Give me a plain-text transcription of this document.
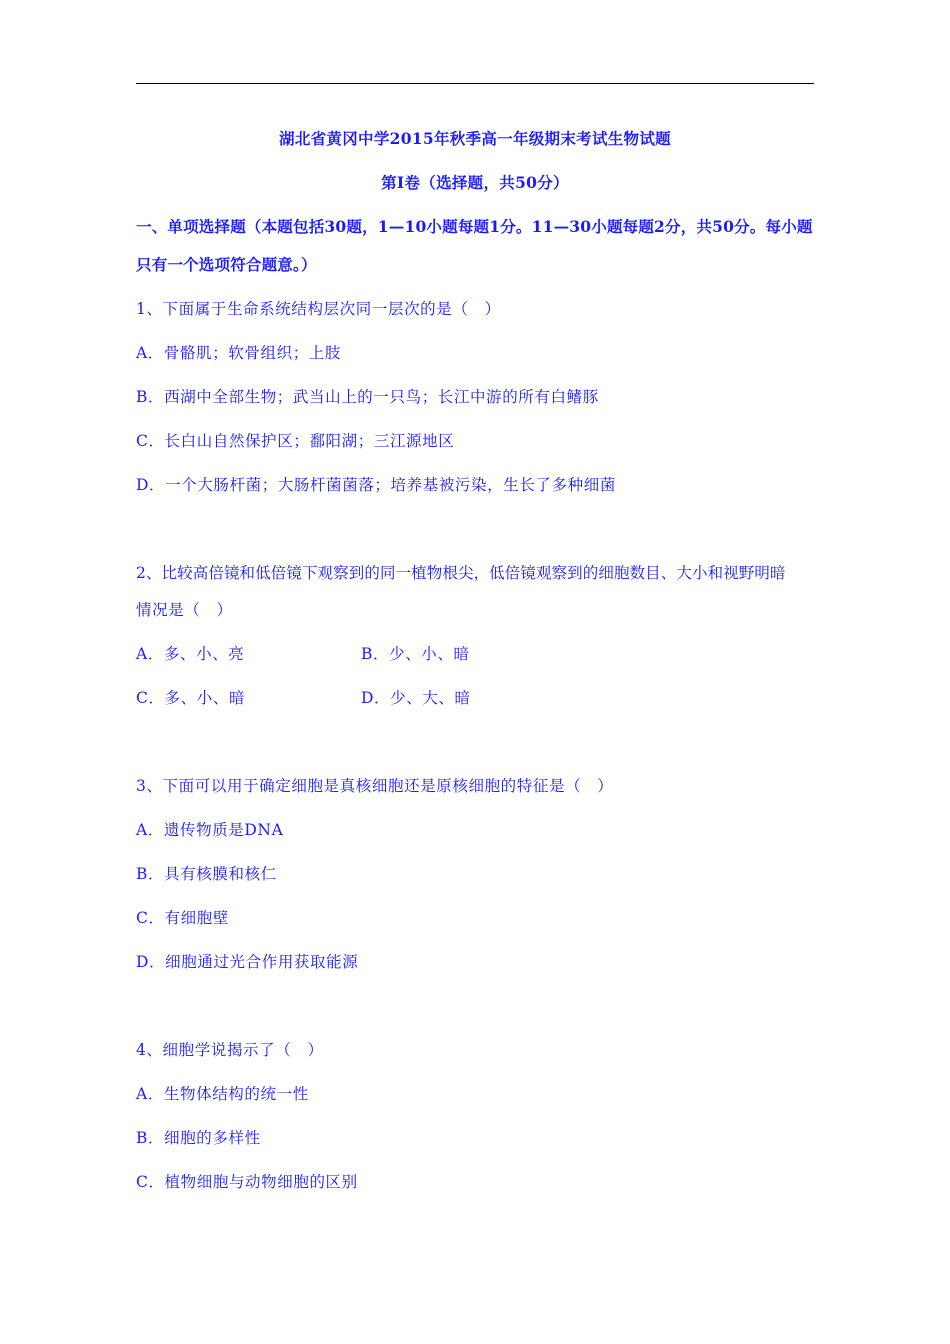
湖北省黄冈中学2015年秋季高一年级期末考试生物试题
第Ⅰ卷（选择题，共50分）
一、单项选择题（本题包括30题，1—10小题每题1分。11—30小题每题2分，共50分。每小题
只有一个选项符合题意。）
1、下面属于生命系统结构层次同一层次的是（　）
A．骨骼肌；软骨组织；上肢
B．西湖中全部生物；武当山上的一只鸟；长江中游的所有白鳍豚
C．长白山自然保护区；鄱阳湖；三江源地区
D．一个大肠杆菌；大肠杆菌菌落；培养基被污染，生长了多种细菌
2、比较高倍镜和低倍镜下观察到的同一植物根尖，低倍镜观察到的细胞数目、大小和视野明暗
情况是（　）
A．多、小、亮	B．少、小、暗
C．多、小、暗	D．少、大、暗
3、下面可以用于确定细胞是真核细胞还是原核细胞的特征是（　）
A．遗传物质是DNA
B．具有核膜和核仁
C．有细胞壁
D．细胞通过光合作用获取能源
4、细胞学说揭示了（　）
A．生物体结构的统一性
B．细胞的多样性
C．植物细胞与动物细胞的区别
